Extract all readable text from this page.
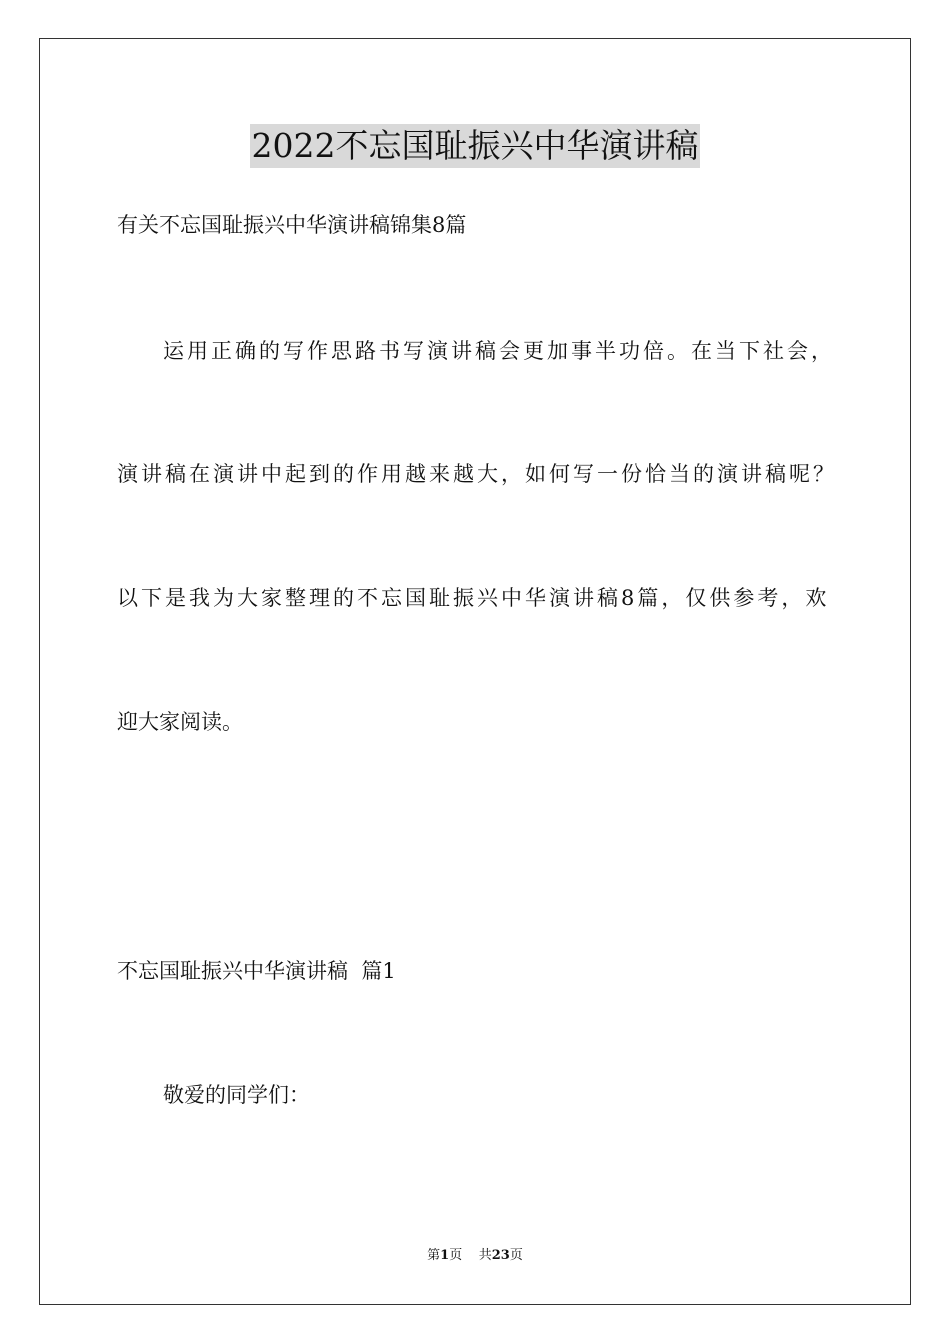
2022不忘国耻振兴中华演讲稿
有关不忘国耻振兴中华演讲稿锦集8篇
运用正确的写作思路书写演讲稿会更加事半功倍。在当下社会，
演讲稿在演讲中起到的作用越来越大，如何写一份恰当的演讲稿呢？
以下是我为大家整理的不忘国耻振兴中华演讲稿8篇，仅供参考，欢
迎大家阅读。
不忘国耻振兴中华演讲稿  篇1
敬爱的同学们：
第1页 共23页
